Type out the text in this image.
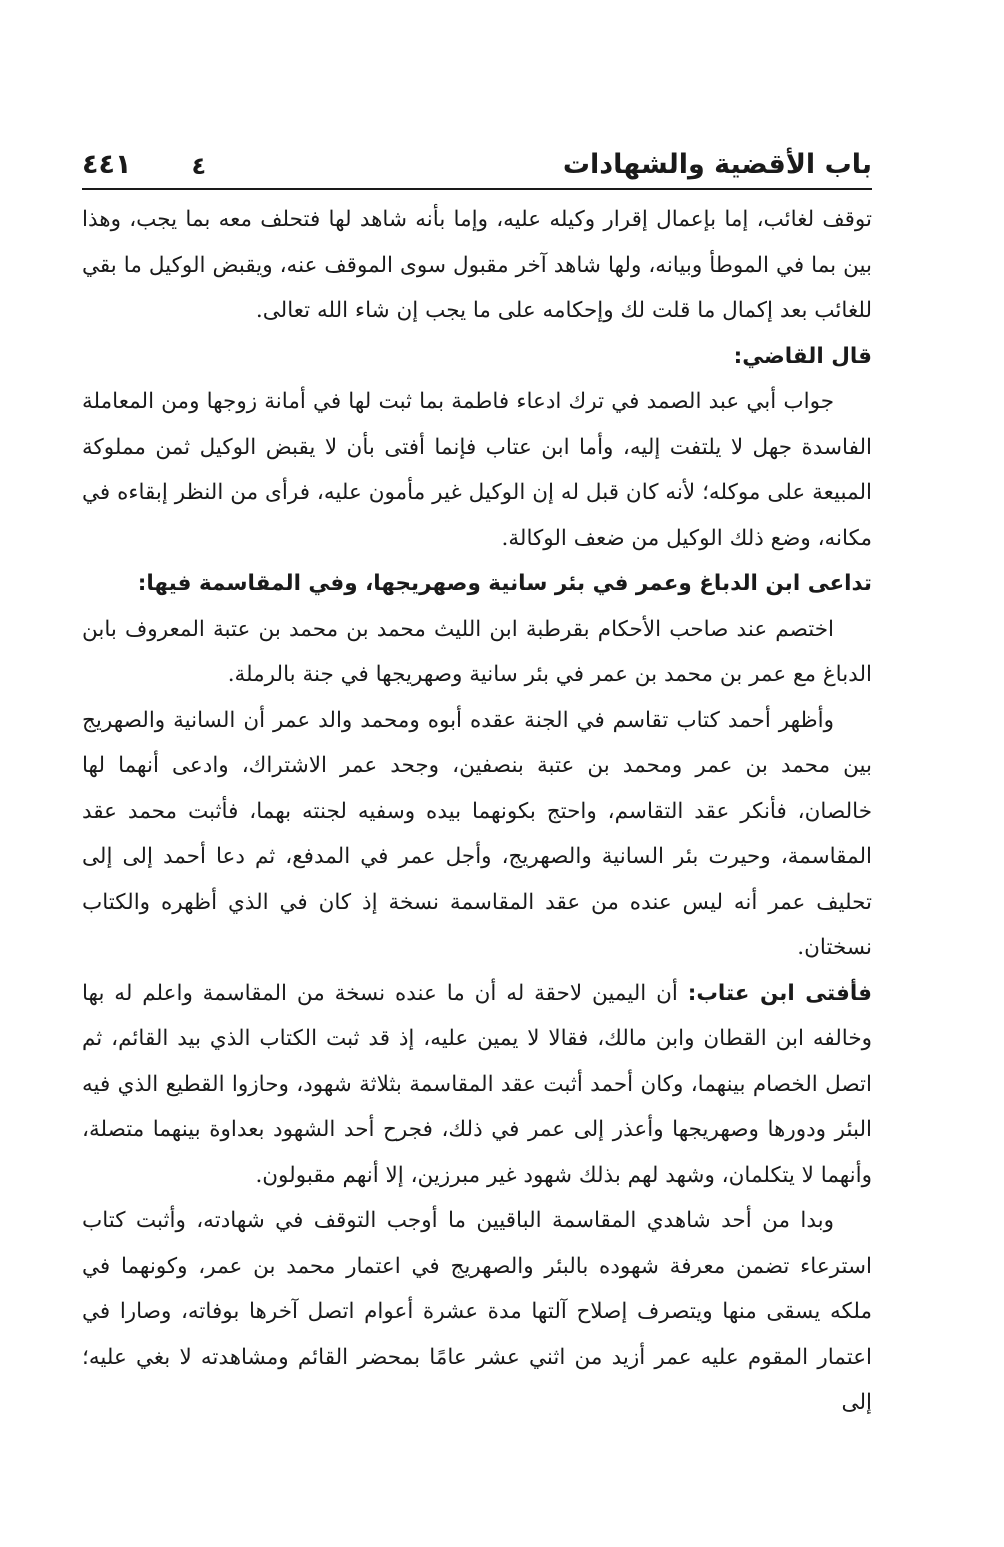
باب الأقضية والشهادات
٤٤١	٤

توقف لغائب، إما بإعمال إقرار وكيله عليه، وإما بأنه شاهد لها فتحلف معه بما يجب، وهذا بين بما في الموطأ وبيانه، ولها شاهد آخر مقبول سوى الموقف عنه، ويقبض الوكيل ما بقي للغائب بعد إكمال ما قلت لك وإحكامه على ما يجب إن شاء الله تعالى.

قال القاضي:

جواب أبي عبد الصمد في ترك ادعاء فاطمة بما ثبت لها في أمانة زوجها ومن المعاملة الفاسدة جهل لا يلتفت إليه، وأما ابن عتاب فإنما أفتى بأن لا يقبض الوكيل ثمن مملوكة المبيعة على موكله؛ لأنه كان قبل له إن الوكيل غير مأمون عليه، فرأى من النظر إبقاءه في مكانه، وضع ذلك الوكيل من ضعف الوكالة.

تداعى ابن الدباغ وعمر في بئر سانية وصهريجها، وفي المقاسمة فيها:

اختصم عند صاحب الأحكام بقرطبة ابن الليث محمد بن محمد بن عتبة المعروف بابن الدباغ مع عمر بن محمد بن عمر في بئر سانية وصهريجها في جنة بالرملة.

وأظهر أحمد كتاب تقاسم في الجنة عقده أبوه ومحمد والد عمر أن السانية والصهريج بين محمد بن عمر ومحمد بن عتبة بنصفين، وجحد عمر الاشتراك، وادعى أنهما لها خالصان، فأنكر عقد التقاسم، واحتج بكونهما بيده وسفيه لجنته بهما، فأثبت محمد عقد المقاسمة، وحيرت بئر السانية والصهريج، وأجل عمر في المدفع، ثم دعا أحمد إلى إلى تحليف عمر أنه ليس عنده من عقد المقاسمة نسخة إذ كان في الذي أظهره والكتاب نسختان.

فأفتى ابن عتاب: أن اليمين لاحقة له أن ما عنده نسخة من المقاسمة واعلم له بها وخالفه ابن القطان وابن مالك، فقالا لا يمين عليه، إذ قد ثبت الكتاب الذي بيد القائم، ثم اتصل الخصام بينهما، وكان أحمد أثبت عقد المقاسمة بثلاثة شهود، وحازوا القطيع الذي فيه البئر ودورها وصهريجها وأعذر إلى عمر في ذلك، فجرح أحد الشهود بعداوة بينهما متصلة، وأنهما لا يتكلمان، وشهد لهم بذلك شهود غير مبرزين، إلا أنهم مقبولون.

وبدا من أحد شاهدي المقاسمة الباقيين ما أوجب التوقف في شهادته، وأثبت كتاب استرعاء تضمن معرفة شهوده بالبئر والصهريج في اعتمار محمد بن عمر، وكونهما في ملكه يسقى منها ويتصرف إصلاح آلتها مدة عشرة أعوام اتصل آخرها بوفاته، وصارا في اعتمار المقوم عليه عمر أزيد من اثني عشر عامًا بمحضر القائم ومشاهدته لا بغي عليه؛ إلى
